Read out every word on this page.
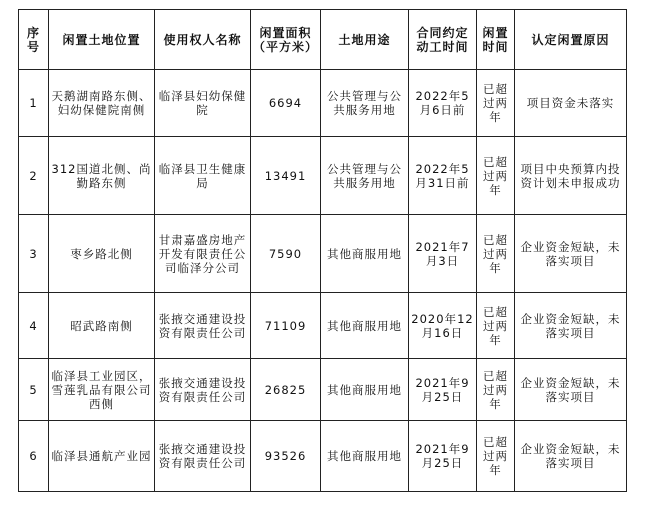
序号	闲置土地位置	使用权人名称	闲置面积（平方米）	土地用途	合同约定动工时间	闲置时间	认定闲置原因
1	天鹅湖南路东侧、妇幼保健院南侧	临泽县妇幼保健院	6694	公共管理与公共服务用地	2022年5月6日前	已超过两年	项目资金未落实
2	312国道北侧、尚勤路东侧	临泽县卫生健康局	13491	公共管理与公共服务用地	2022年5月31日前	已超过两年	项目中央预算内投资计划未申报成功
3	枣乡路北侧	甘肃嘉盛房地产开发有限责任公司临泽分公司	7590	其他商服用地	2021年7月3日	已超过两年	企业资金短缺，未落实项目
4	昭武路南侧	张掖交通建设投资有限责任公司	71109	其他商服用地	2020年12月16日	已超过两年	企业资金短缺，未落实项目
5	临泽县工业园区，雪莲乳品有限公司西侧	张掖交通建设投资有限责任公司	26825	其他商服用地	2021年9月25日	已超过两年	企业资金短缺，未落实项目
6	临泽县通航产业园	张掖交通建设投资有限责任公司	93526	其他商服用地	2021年9月25日	已超过两年	企业资金短缺，未落实项目
